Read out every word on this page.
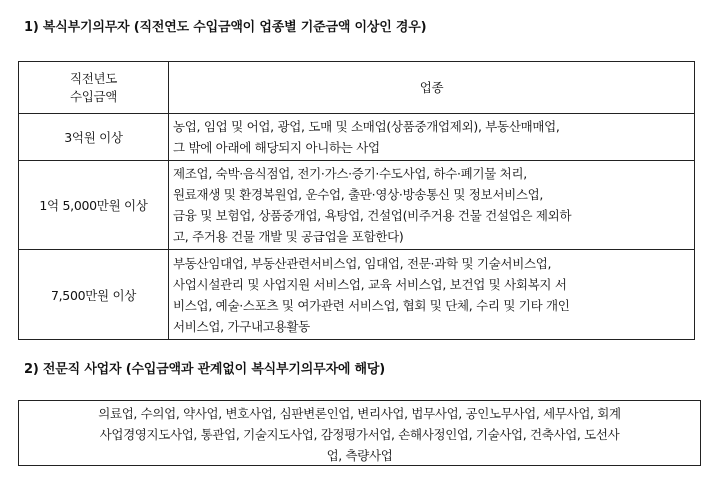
1) 복식부기의무자 (직전연도 수입금액이 업종별 기준금액 이상인 경우)
직전년도
수입금액	업종
3억원 이상	농업, 임업 및 어업, 광업, 도매 및 소매업(상품중개업제외), 부동산매매업,
그 밖에 아래에 해당되지 아니하는 사업
1억 5,000만원 이상	제조업, 숙박·음식점업, 전기·가스·증기·수도사업, 하수·폐기물 처리,
원료재생 및 환경복원업, 운수업, 출판·영상·방송통신 및 정보서비스업,
금융 및 보험업, 상품중개업, 욕탕업, 건설업(비주거용 건물 건설업은 제외하
고, 주거용 건물 개발 및 공급업을 포함한다)
7,500만원 이상	부동산임대업, 부동산관련서비스업, 임대업, 전문·과학 및 기술서비스업,
사업시설관리 및 사업지원 서비스업, 교육 서비스업, 보건업 및 사회복지 서
비스업, 예술·스포츠 및 여가관련 서비스업, 협회 및 단체, 수리 및 기타 개인
서비스업, 가구내고용활동
2) 전문직 사업자 (수입금액과 관계없이 복식부기의무자에 해당)
의료업, 수의업, 약사업, 변호사업, 심판변론인업, 변리사업, 법무사업, 공인노무사업, 세무사업, 회계
사업경영지도사업, 통관업, 기술지도사업, 감정평가서업, 손해사정인업, 기술사업, 건축사업, 도선사
업, 측량사업
